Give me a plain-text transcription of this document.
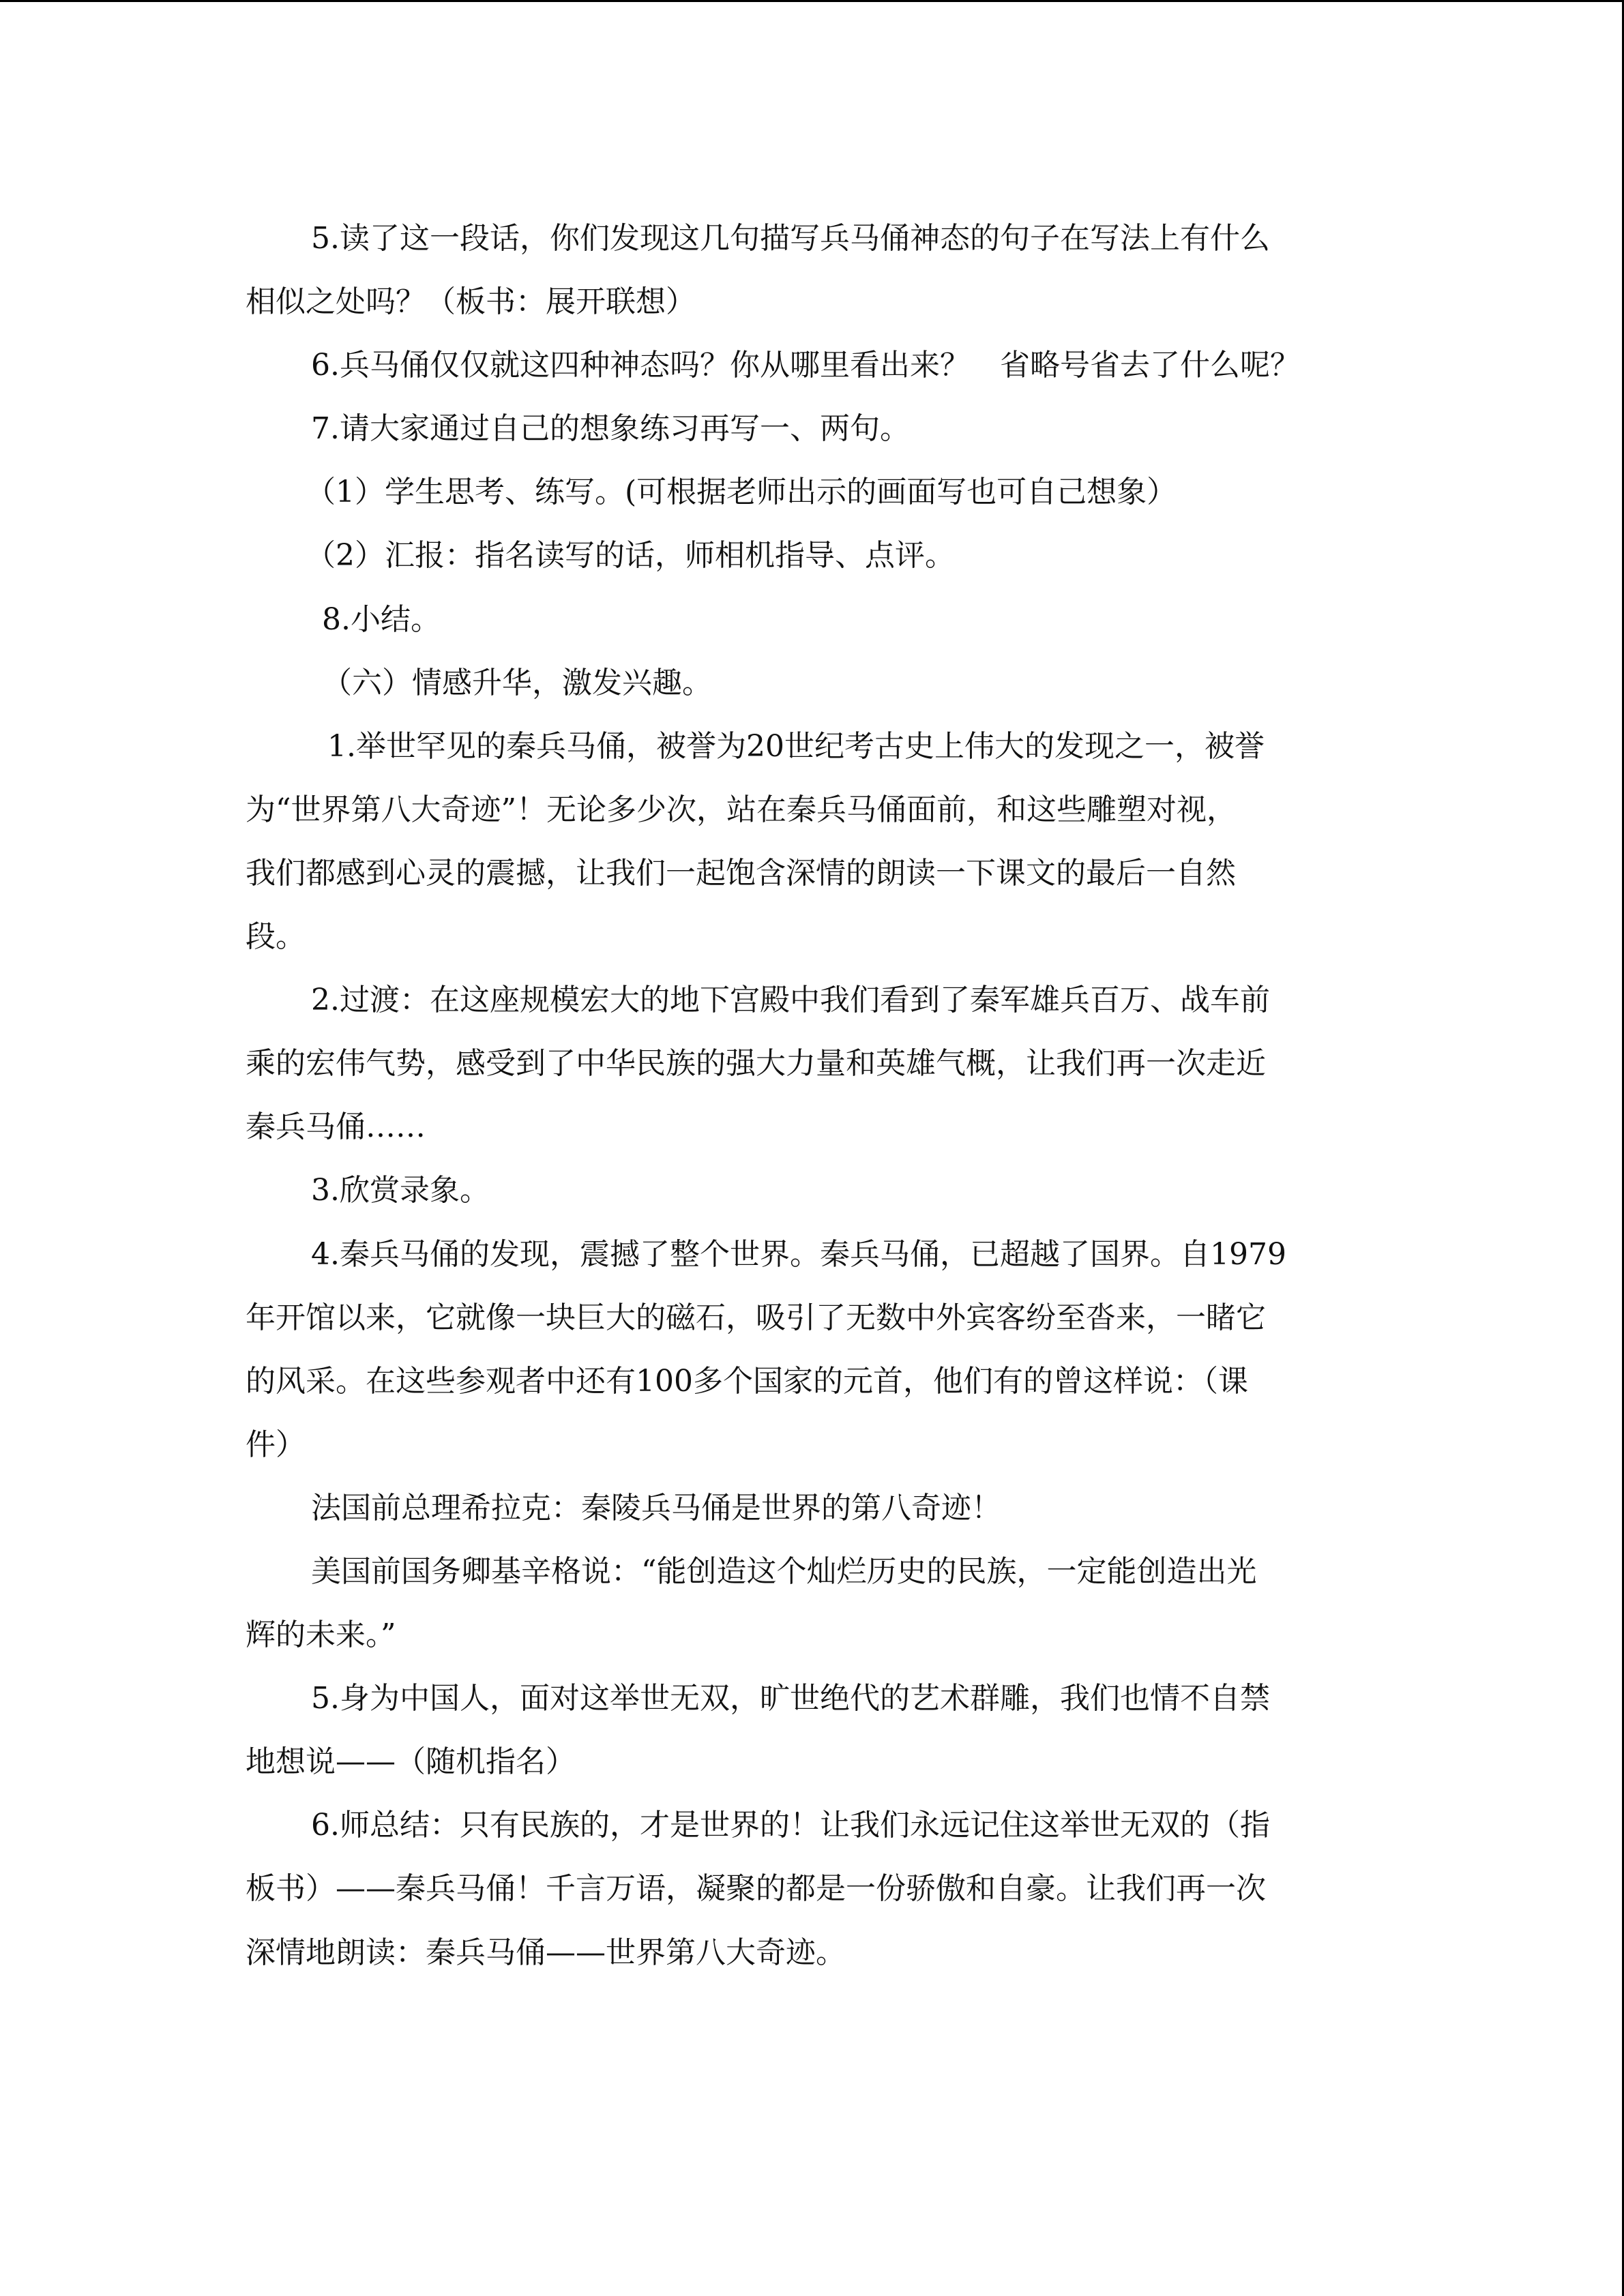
5.读了这一段话，你们发现这几句描写兵马俑神态的句子在写法上有什么
相似之处吗？（板书：展开联想）
6.兵马俑仅仅就这四种神态吗？你从哪里看出来？　省略号省去了什么呢？
7.请大家通过自己的想象练习再写一、两句。
（1）学生思考、练写。(可根据老师出示的画面写也可自己想象）
（2）汇报：指名读写的话，师相机指导、点评。
8.小结。
（六）情感升华，激发兴趣。
1.举世罕见的秦兵马俑，被誉为20世纪考古史上伟大的发现之一，被誉
为“世界第八大奇迹”！无论多少次，站在秦兵马俑面前，和这些雕塑对视，
我们都感到心灵的震撼，让我们一起饱含深情的朗读一下课文的最后一自然
段。
2.过渡：在这座规模宏大的地下宫殿中我们看到了秦军雄兵百万、战车前
乘的宏伟气势，感受到了中华民族的强大力量和英雄气概，让我们再一次走近
秦兵马俑……
3.欣赏录象。
4.秦兵马俑的发现，震撼了整个世界。秦兵马俑，已超越了国界。自1979
年开馆以来，它就像一块巨大的磁石，吸引了无数中外宾客纷至沓来，一睹它
的风采。在这些参观者中还有100多个国家的元首，他们有的曾这样说：（课
件）
法国前总理希拉克：秦陵兵马俑是世界的第八奇迹！
美国前国务卿基辛格说：“能创造这个灿烂历史的民族，一定能创造出光
辉的未来。”
5.身为中国人，面对这举世无双，旷世绝代的艺术群雕，我们也情不自禁
地想说——（随机指名）
6.师总结：只有民族的，才是世界的！让我们永远记住这举世无双的（指
板书）——秦兵马俑！千言万语，凝聚的都是一份骄傲和自豪。让我们再一次
深情地朗读：秦兵马俑——世界第八大奇迹。
